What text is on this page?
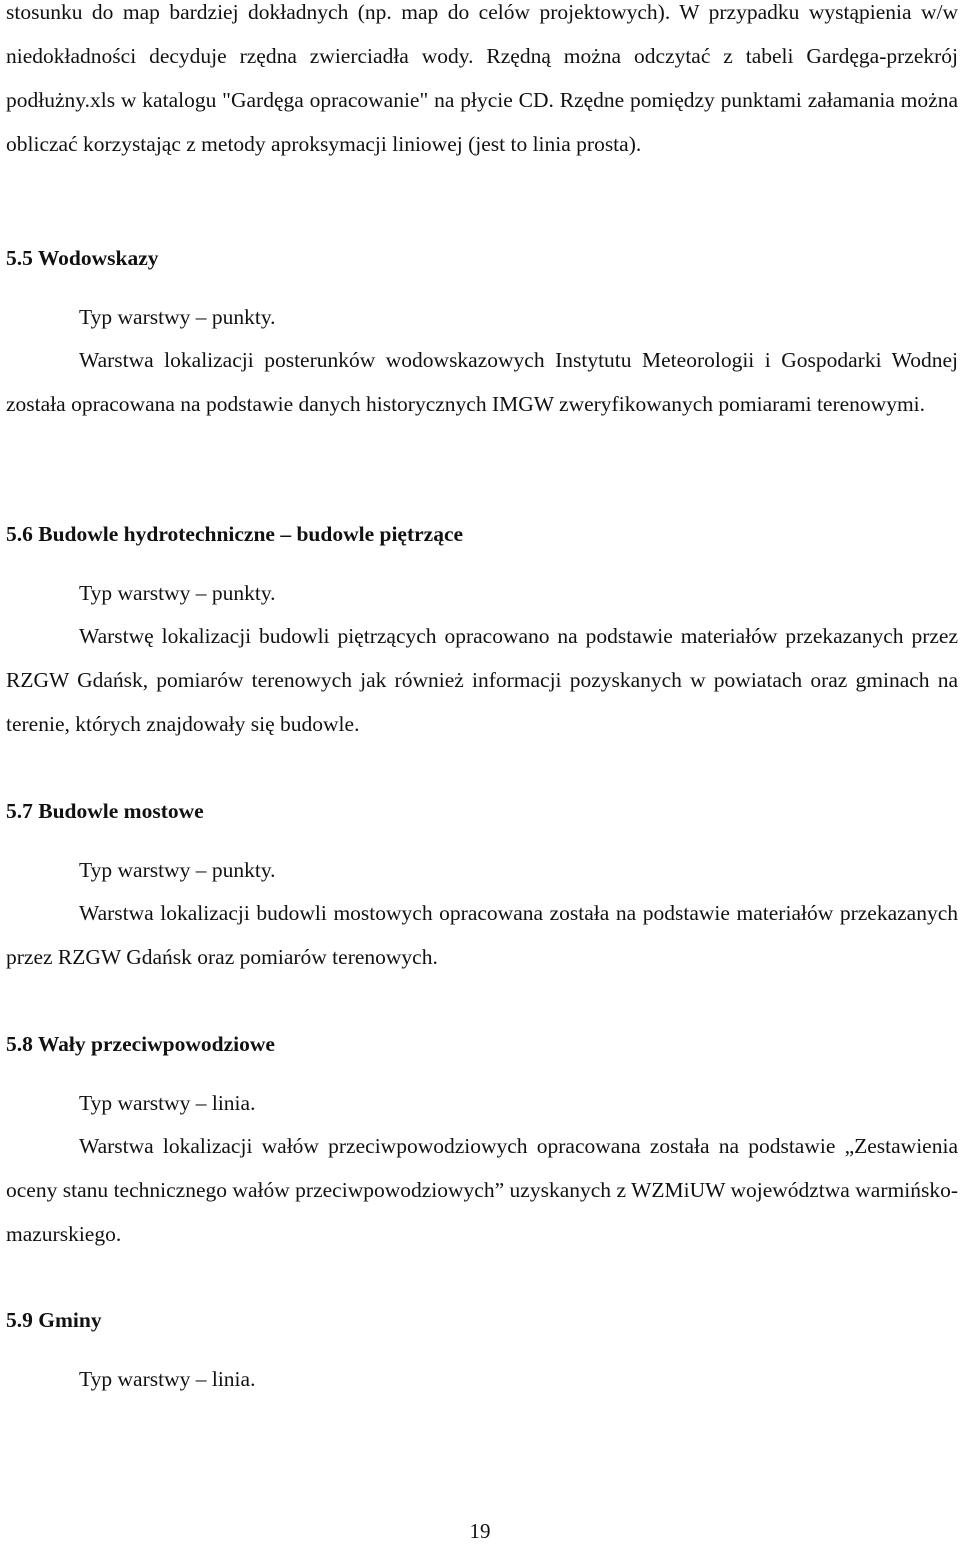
stosunku do map bardziej dokładnych (np. map do celów projektowych). W przypadku wystąpienia w/w niedokładności decyduje rzędna zwierciadła wody. Rzędną można odczytać z tabeli Gardęga-przekrój podłużny.xls w katalogu "Gardęga opracowanie" na płycie CD. Rzędne pomiędzy punktami załamania można obliczać korzystając z metody aproksymacji liniowej (jest to linia prosta).

5.5 Wodowskazy

Typ warstwy – punkty.

Warstwa lokalizacji posterunków wodowskazowych Instytutu Meteorologii i Gospodarki Wodnej została opracowana na podstawie danych historycznych IMGW zweryfikowanych pomiarami terenowymi.

5.6 Budowle hydrotechniczne – budowle piętrzące

Typ warstwy – punkty.

Warstwę lokalizacji budowli piętrzących opracowano na podstawie materiałów przekazanych przez RZGW Gdańsk, pomiarów terenowych jak również informacji pozyskanych w powiatach oraz gminach na terenie, których znajdowały się budowle.

5.7 Budowle mostowe

Typ warstwy – punkty.

Warstwa lokalizacji budowli mostowych opracowana została na podstawie materiałów przekazanych przez RZGW Gdańsk oraz pomiarów terenowych.

5.8 Wały przeciwpowodziowe

Typ warstwy – linia.

Warstwa lokalizacji wałów przeciwpowodziowych opracowana została na podstawie „Zestawienia oceny stanu technicznego wałów przeciwpowodziowych” uzyskanych z WZMiUW województwa warmińsko-mazurskiego.

5.9 Gminy

Typ warstwy – linia.

19
